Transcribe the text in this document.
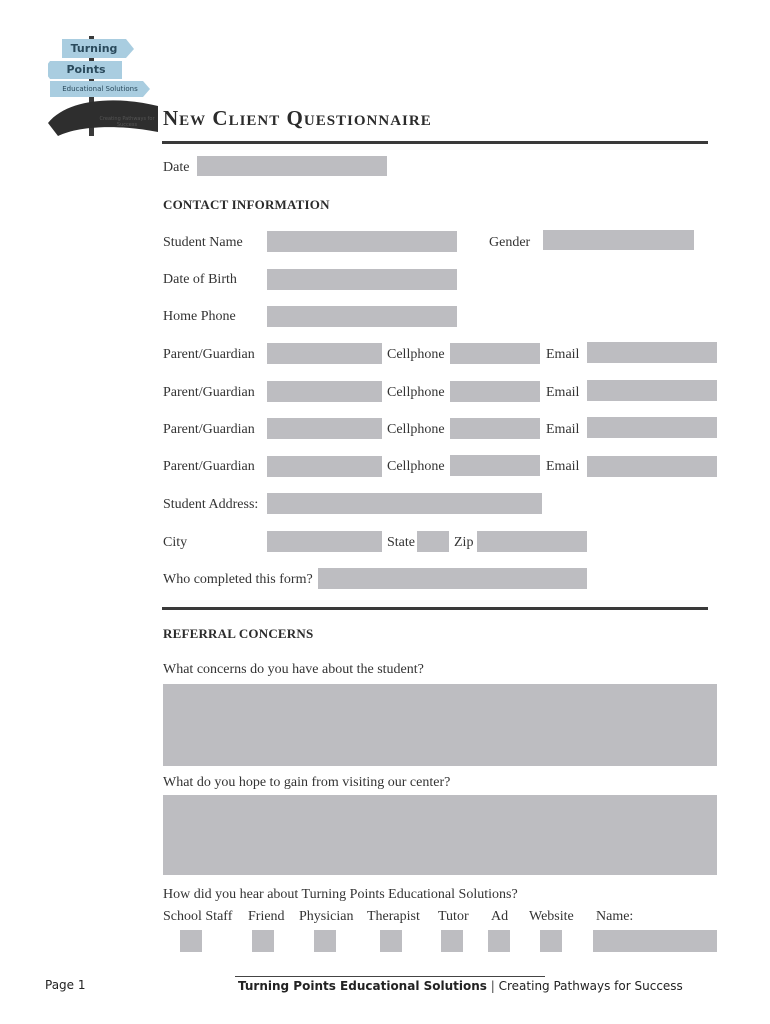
Turning
Points
Educational Solutions
Creating Pathways for Success	New Client Questionnaire
Date
CONTACT INFORMATION
Student Name	Gender
Date of Birth
Home Phone
Parent/Guardian	Cellphone	Email
Parent/Guardian	Cellphone	Email
Parent/Guardian	Cellphone	Email
Parent/Guardian	Cellphone	Email
Student Address:
City	State	Zip
Who completed this form?
REFERRAL CONCERNS
What concerns do you have about the student?
What do you hope to gain from visiting our center?
How did you hear about Turning Points Educational Solutions?
School Staff Friend Physician Therapist Tutor Ad Website Name:
Page 1	Turning Points Educational Solutions | Creating Pathways for Success
